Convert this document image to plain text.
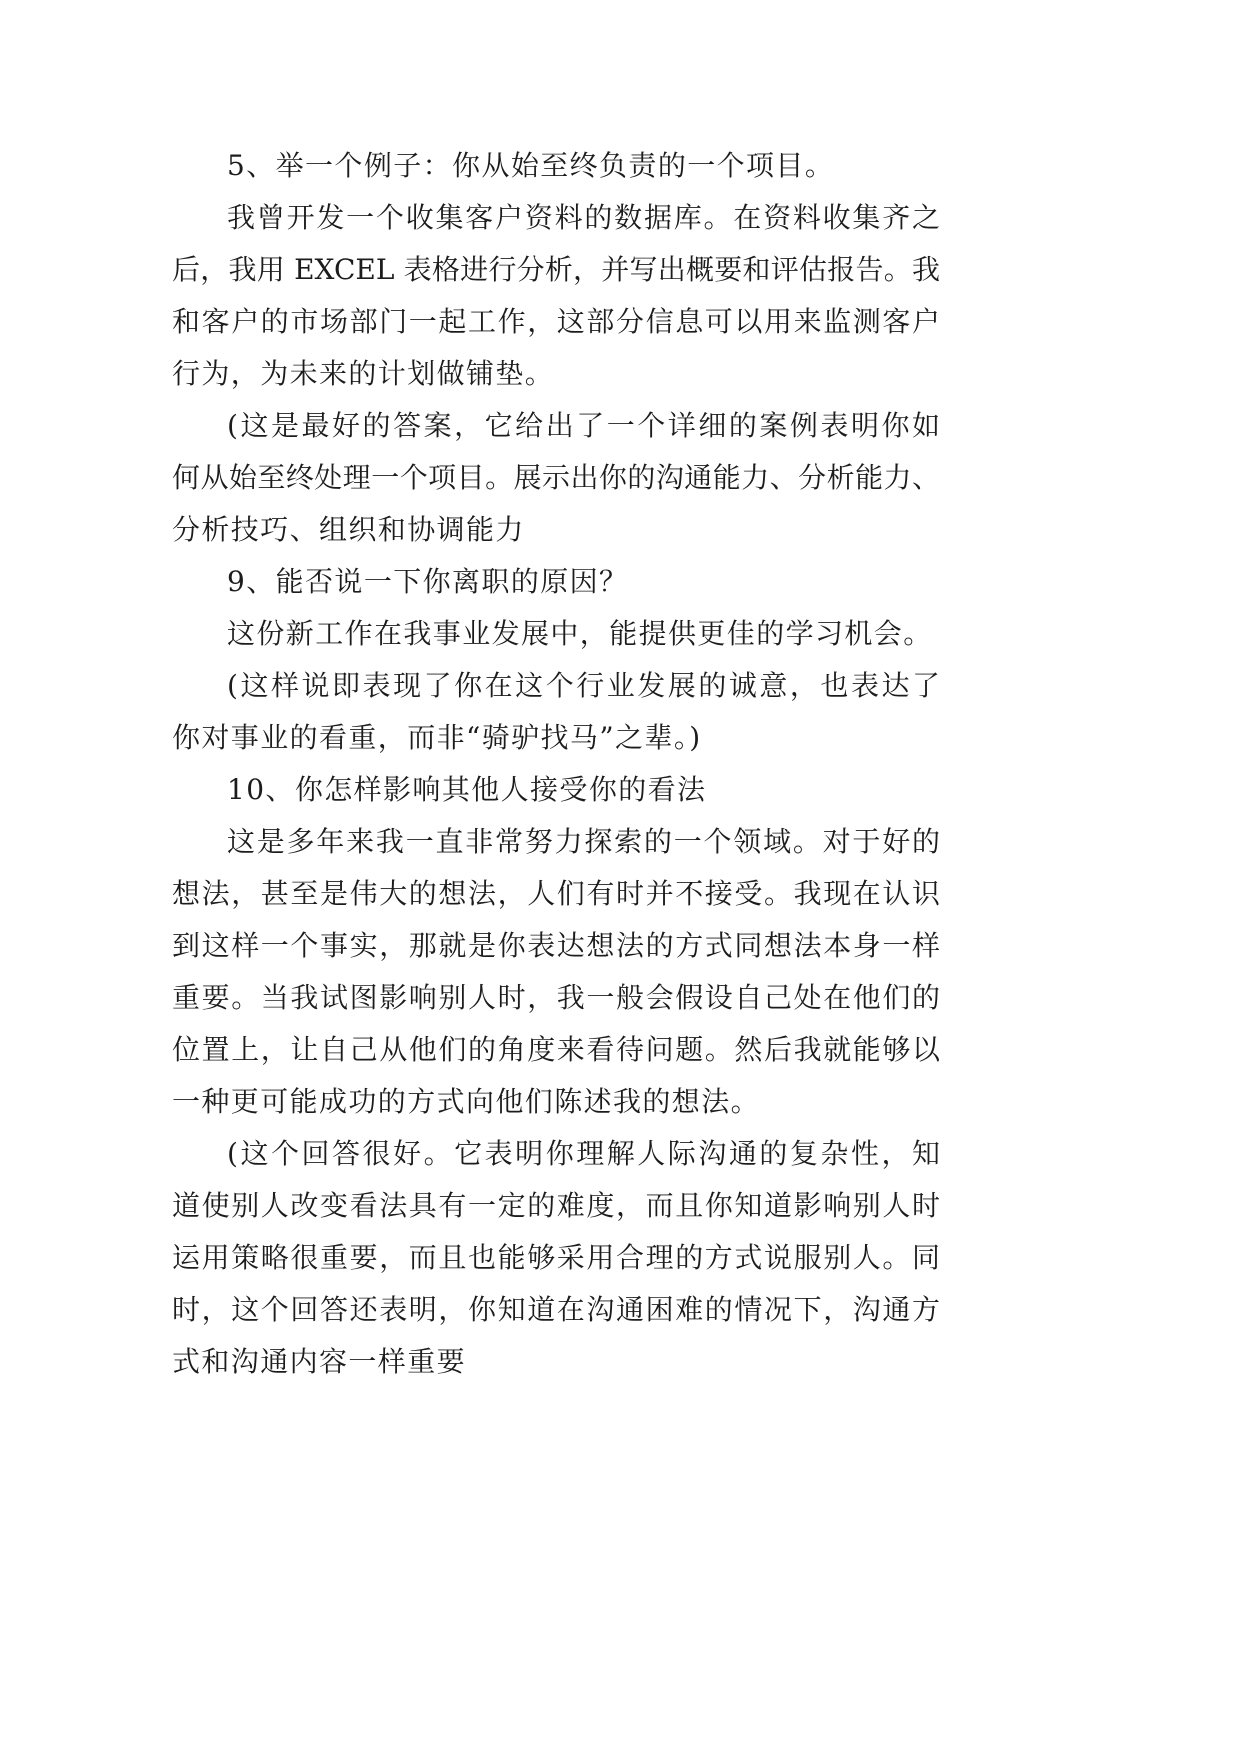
5、举一个例子：你从始至终负责的一个项目。
我曾开发一个收集客户资料的数据库。在资料收集齐之
后，我用 EXCEL 表格进行分析，并写出概要和评估报告。我
和客户的市场部门一起工作，这部分信息可以用来监测客户
行为，为未来的计划做铺垫。
(这是最好的答案，它给出了一个详细的案例表明你如
何从始至终处理一个项目。展示出你的沟通能力、分析能力、
分析技巧、组织和协调能力
9、能否说一下你离职的原因？
这份新工作在我事业发展中，能提供更佳的学习机会。
(这样说即表现了你在这个行业发展的诚意，也表达了
你对事业的看重，而非“骑驴找马”之辈。)
10、你怎样影响其他人接受你的看法
这是多年来我一直非常努力探索的一个领域。对于好的
想法，甚至是伟大的想法，人们有时并不接受。我现在认识
到这样一个事实，那就是你表达想法的方式同想法本身一样
重要。当我试图影响别人时，我一般会假设自己处在他们的
位置上，让自己从他们的角度来看待问题。然后我就能够以
一种更可能成功的方式向他们陈述我的想法。
(这个回答很好。它表明你理解人际沟通的复杂性，知
道使别人改变看法具有一定的难度，而且你知道影响别人时
运用策略很重要，而且也能够采用合理的方式说服别人。同
时，这个回答还表明，你知道在沟通困难的情况下，沟通方
式和沟通内容一样重要
